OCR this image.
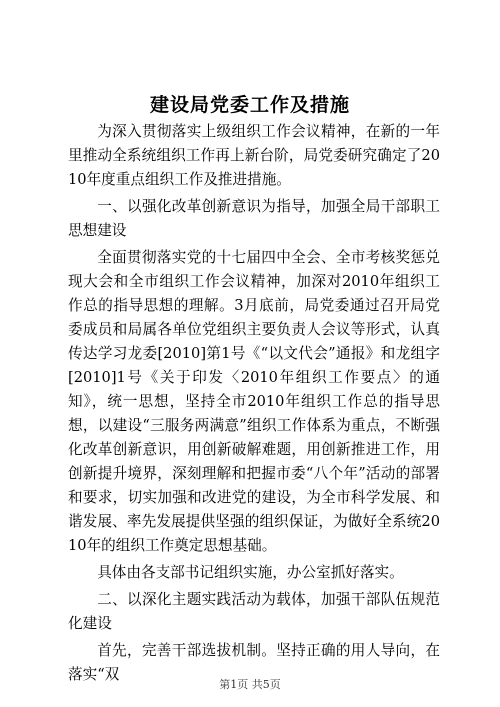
建设局党委工作及措施

为深入贯彻落实上级组织工作会议精神，在新的一年里推动全系统组织工作再上新台阶，局党委研究确定了2010年度重点组织工作及推进措施。

一、以强化改革创新意识为指导，加强全局干部职工思想建设

全面贯彻落实党的十七届四中全会、全市考核奖惩兑现大会和全市组织工作会议精神，加深对2010年组织工作总的指导思想的理解。3月底前，局党委通过召开局党委成员和局属各单位党组织主要负责人会议等形式，认真传达学习龙委[2010]第1号《“以文代会”通报》和龙组字[2010]1号《关于印发〈2010年组织工作要点〉的通知》，统一思想，坚持全市2010年组织工作总的指导思想，以建设“三服务两满意”组织工作体系为重点，不断强化改革创新意识，用创新破解难题，用创新推进工作，用创新提升境界，深刻理解和把握市委“八个年”活动的部署和要求，切实加强和改进党的建设，为全市科学发展、和谐发展、率先发展提供坚强的组织保证，为做好全系统2010年的组织工作奠定思想基础。

具体由各支部书记组织实施，办公室抓好落实。

二、以深化主题实践活动为载体，加强干部队伍规范化建设

首先，完善干部选拔机制。坚持正确的用人导向，在落实“双

第1页 共5页
